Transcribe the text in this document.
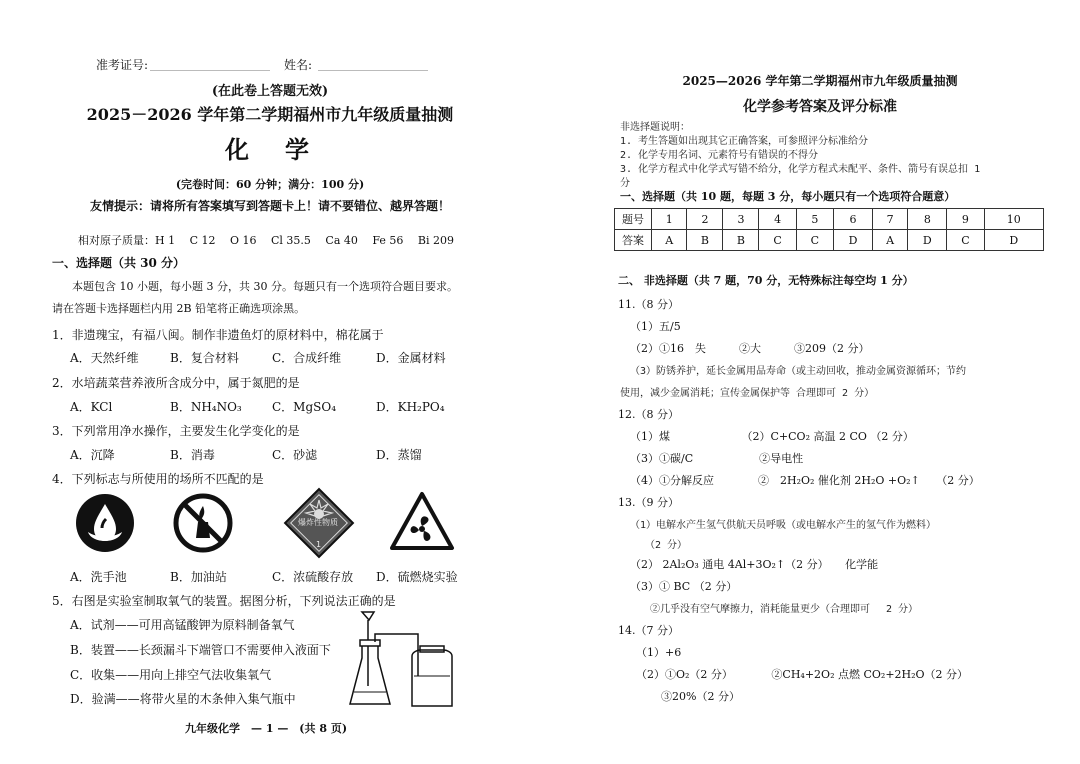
准考证号:	姓名:
(在此卷上答题无效)
2025－2026 学年第二学期福州市九年级质量抽测
化　学
(完卷时间：60 分钟；满分：100 分)
友情提示：请将所有答案填写到答题卡上！请不要错位、越界答题！
相对原子质量：H 1　 C 12　 O 16　 Cl 35.5　 Ca 40　 Fe 56　 Bi 209
一、选择题（共 30 分）
本题包含 10 小题，每小题 3 分，共 30 分。每题只有一个选项符合题目要求。
请在答题卡选择题栏内用 2B 铅笔将正确选项涂黑。
1．非遗瑰宝，有福八闽。制作非遗鱼灯的原材料中，棉花属于
A．天然纤维	B．复合材料	C．合成纤维	D．金属材料
2．水培蔬菜营养液所含成分中，属于氮肥的是
A．KCl	B．NH₄NO₃	C．MgSO₄	D．KH₂PO₄
3．下列常用净水操作，主要发生化学变化的是
A．沉降	B．消毒	C．砂滤	D．蒸馏
4．下列标志与所使用的场所不匹配的是
爆炸性物质
1
A．洗手池	B．加油站	C．浓硫酸存放 D．硫燃烧实验
5．右图是实验室制取氧气的装置。据图分析，下列说法正确的是
A．试剂——可用高锰酸钾为原料制备氧气
B．装置——长颈漏斗下端管口不需要伸入液面下
C．收集——用向上排空气法收集氧气
D．验满——将带火星的木条伸入集气瓶中
九年级化学　— 1 —　(共 8 页)
2025—2026 学年第二学期福州市九年级质量抽测
化学参考答案及评分标准
非选择题说明：
1. 考生答题如出现其它正确答案，可参照评分标准给分
2. 化学专用名词、元素符号有错误的不得分
3. 化学方程式中化学式写错不给分，化学方程式未配平、条件、箭号有误总扣 1
分
一、选择题（共 10 题，每题 3 分，每小题只有一个选项符合题意）
题号	1	2	3	4	5	6	7	8	9	10
答案	A	B	B	C	C	D	A	D	C	D
二、 非选择题（共 7 题，70 分，无特殊标注每空均 1 分）
11.（8 分）
（1）五/5
（2）①16　失　　　②大　　　③209（2 分）
（3）防锈养护，延长金属用品寿命（或主动回收，推动金属资源循环；节约
使用，减少金属消耗；宣传金属保护等 合理即可 2 分）
12.（8 分）
（1）煤　　　　　　　（2）C+CO₂ 高温 2 CO （2 分）
（3）①碳/C　　　　　　②导电性
（4）①分解反应　　　　②　2H₂O₂ 催化剂 2H₂O +O₂↑　　（2 分）
13.（9 分）
（1）电解水产生氢气供航天员呼吸（或电解水产生的氢气作为燃料）
　（2 分）
（2） 2Al₂O₃ 通电 4Al+3O₂↑（2 分）　　化学能
（3）① BC （2 分）
　②几乎没有空气摩擦力，消耗能量更少（合理即可　 2 分）
14.（7 分）
（1）+6
（2）①O₂（2 分）　　　　②CH₄+2O₂ 点燃 CO₂+2H₂O（2 分）
　③20%（2 分）
